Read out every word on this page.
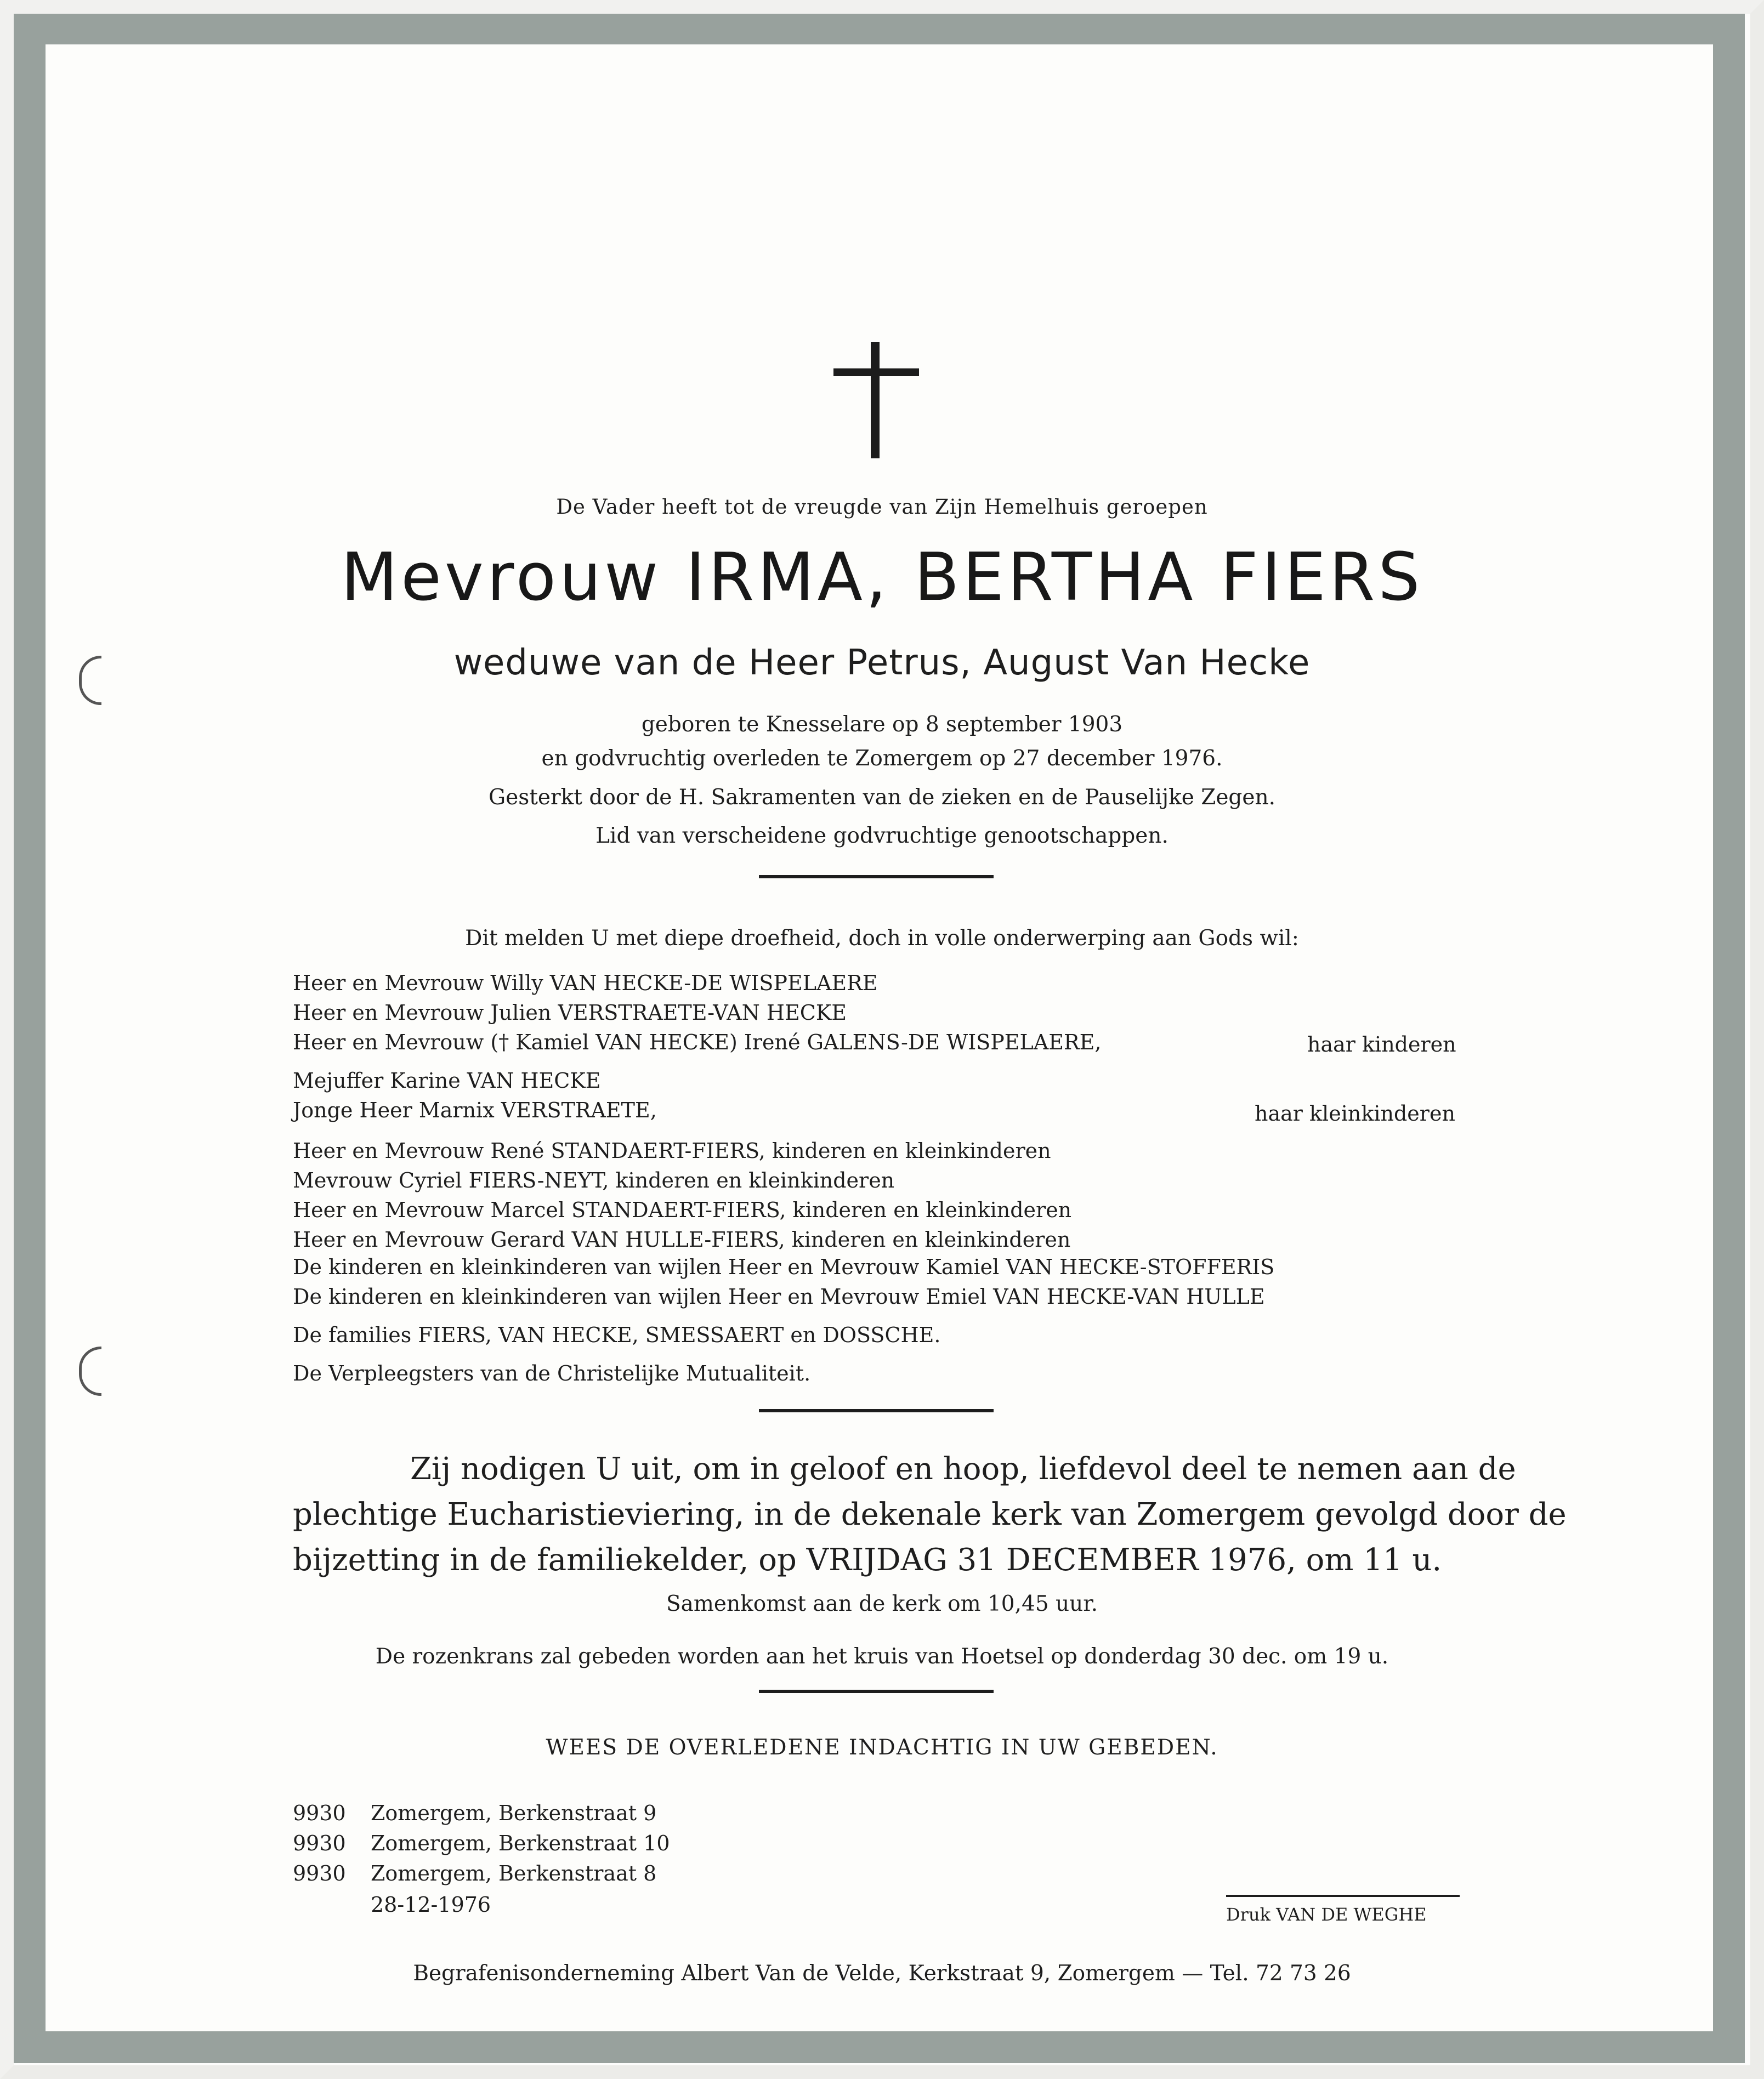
De Vader heeft tot de vreugde van Zijn Hemelhuis geroepen
Mevrouw IRMA, BERTHA FIERS
weduwe van de Heer Petrus, August Van Hecke
geboren te Knesselare op 8 september 1903
en godvruchtig overleden te Zomergem op 27 december 1976.
Gesterkt door de H. Sakramenten van de zieken en de Pauselijke Zegen.
Lid van verscheidene godvruchtige genootschappen.
Dit melden U met diepe droefheid, doch in volle onderwerping aan Gods wil:
Heer en Mevrouw Willy VAN HECKE-DE WISPELAERE
Heer en Mevrouw Julien VERSTRAETE-VAN HECKE
Heer en Mevrouw († Kamiel VAN HECKE) Irené GALENS-DE WISPELAERE,	haar kinderen
Mejuffer Karine VAN HECKE
Jonge Heer Marnix VERSTRAETE,	haar kleinkinderen
Heer en Mevrouw René STANDAERT-FIERS, kinderen en kleinkinderen
Mevrouw Cyriel FIERS-NEYT, kinderen en kleinkinderen
Heer en Mevrouw Marcel STANDAERT-FIERS, kinderen en kleinkinderen
Heer en Mevrouw Gerard VAN HULLE-FIERS, kinderen en kleinkinderen
De kinderen en kleinkinderen van wijlen Heer en Mevrouw Kamiel VAN HECKE-STOFFERIS
De kinderen en kleinkinderen van wijlen Heer en Mevrouw Emiel VAN HECKE-VAN HULLE
De families FIERS, VAN HECKE, SMESSAERT en DOSSCHE.
De Verpleegsters van de Christelijke Mutualiteit.
Zij nodigen U uit, om in geloof en hoop, liefdevol deel te nemen aan de
plechtige Eucharistieviering, in de dekenale kerk van Zomergem gevolgd door de
bijzetting in de familiekelder, op VRIJDAG 31 DECEMBER 1976, om 11 u.
Samenkomst aan de kerk om 10,45 uur.
De rozenkrans zal gebeden worden aan het kruis van Hoetsel op donderdag 30 dec. om 19 u.
WEES DE OVERLEDENE INDACHTIG IN UW GEBEDEN.
9930 Zomergem, Berkenstraat 9
9930 Zomergem, Berkenstraat 10
9930 Zomergem, Berkenstraat 8
28-12-1976	Druk VAN DE WEGHE
Begrafenisonderneming Albert Van de Velde, Kerkstraat 9, Zomergem — Tel. 72 73 26
